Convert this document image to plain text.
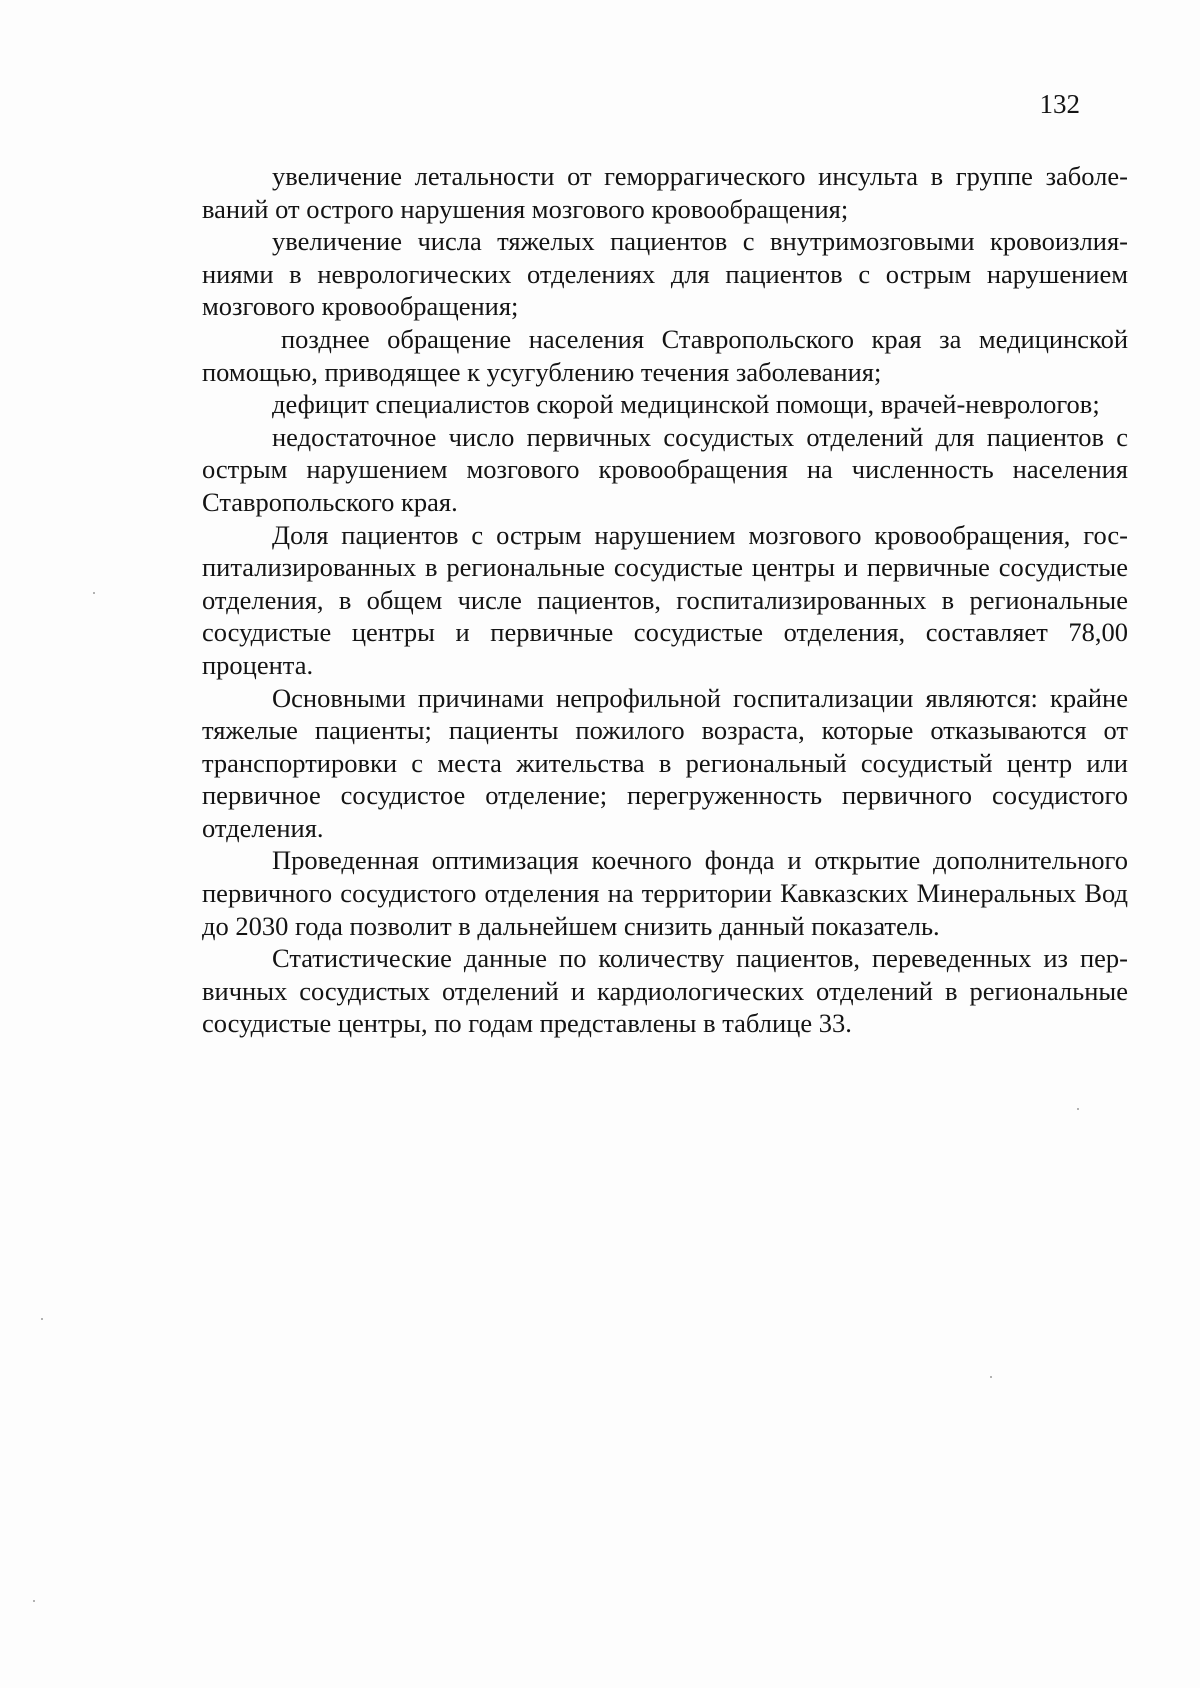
132

увеличение летальности от геморрагического инсульта в группе заболеваний от острого нарушения мозгового кровообращения;

увеличение числа тяжелых пациентов с внутримозговыми кровоизлияниями в неврологических отделениях для пациентов с острым нарушением мозгового кровообращения;

позднее обращение населения Ставропольского края за медицинской помощью, приводящее к усугублению течения заболевания;

дефицит специалистов скорой медицинской помощи, врачей-неврологов;

недостаточное число первичных сосудистых отделений для пациентов с острым нарушением мозгового кровообращения на численность населения Ставропольского края.

Доля пациентов с острым нарушением мозгового кровообращения, госпитализированных в региональные сосудистые центры и первичные сосудистые отделения, в общем числе пациентов, госпитализированных в региональные сосудистые центры и первичные сосудистые отделения, составляет 78,00 процента.

Основными причинами непрофильной госпитализации являются: крайне тяжелые пациенты; пациенты пожилого возраста, которые отказываются от транспортировки с места жительства в региональный сосудистый центр или первичное сосудистое отделение; перегруженность первичного сосудистого отделения.

Проведенная оптимизация коечного фонда и открытие дополнительного первичного сосудистого отделения на территории Кавказских Минеральных Вод до 2030 года позволит в дальнейшем снизить данный показатель.

Статистические данные по количеству пациентов, переведенных из первичных сосудистых отделений и кардиологических отделений в региональные сосудистые центры, по годам представлены в таблице 33.
